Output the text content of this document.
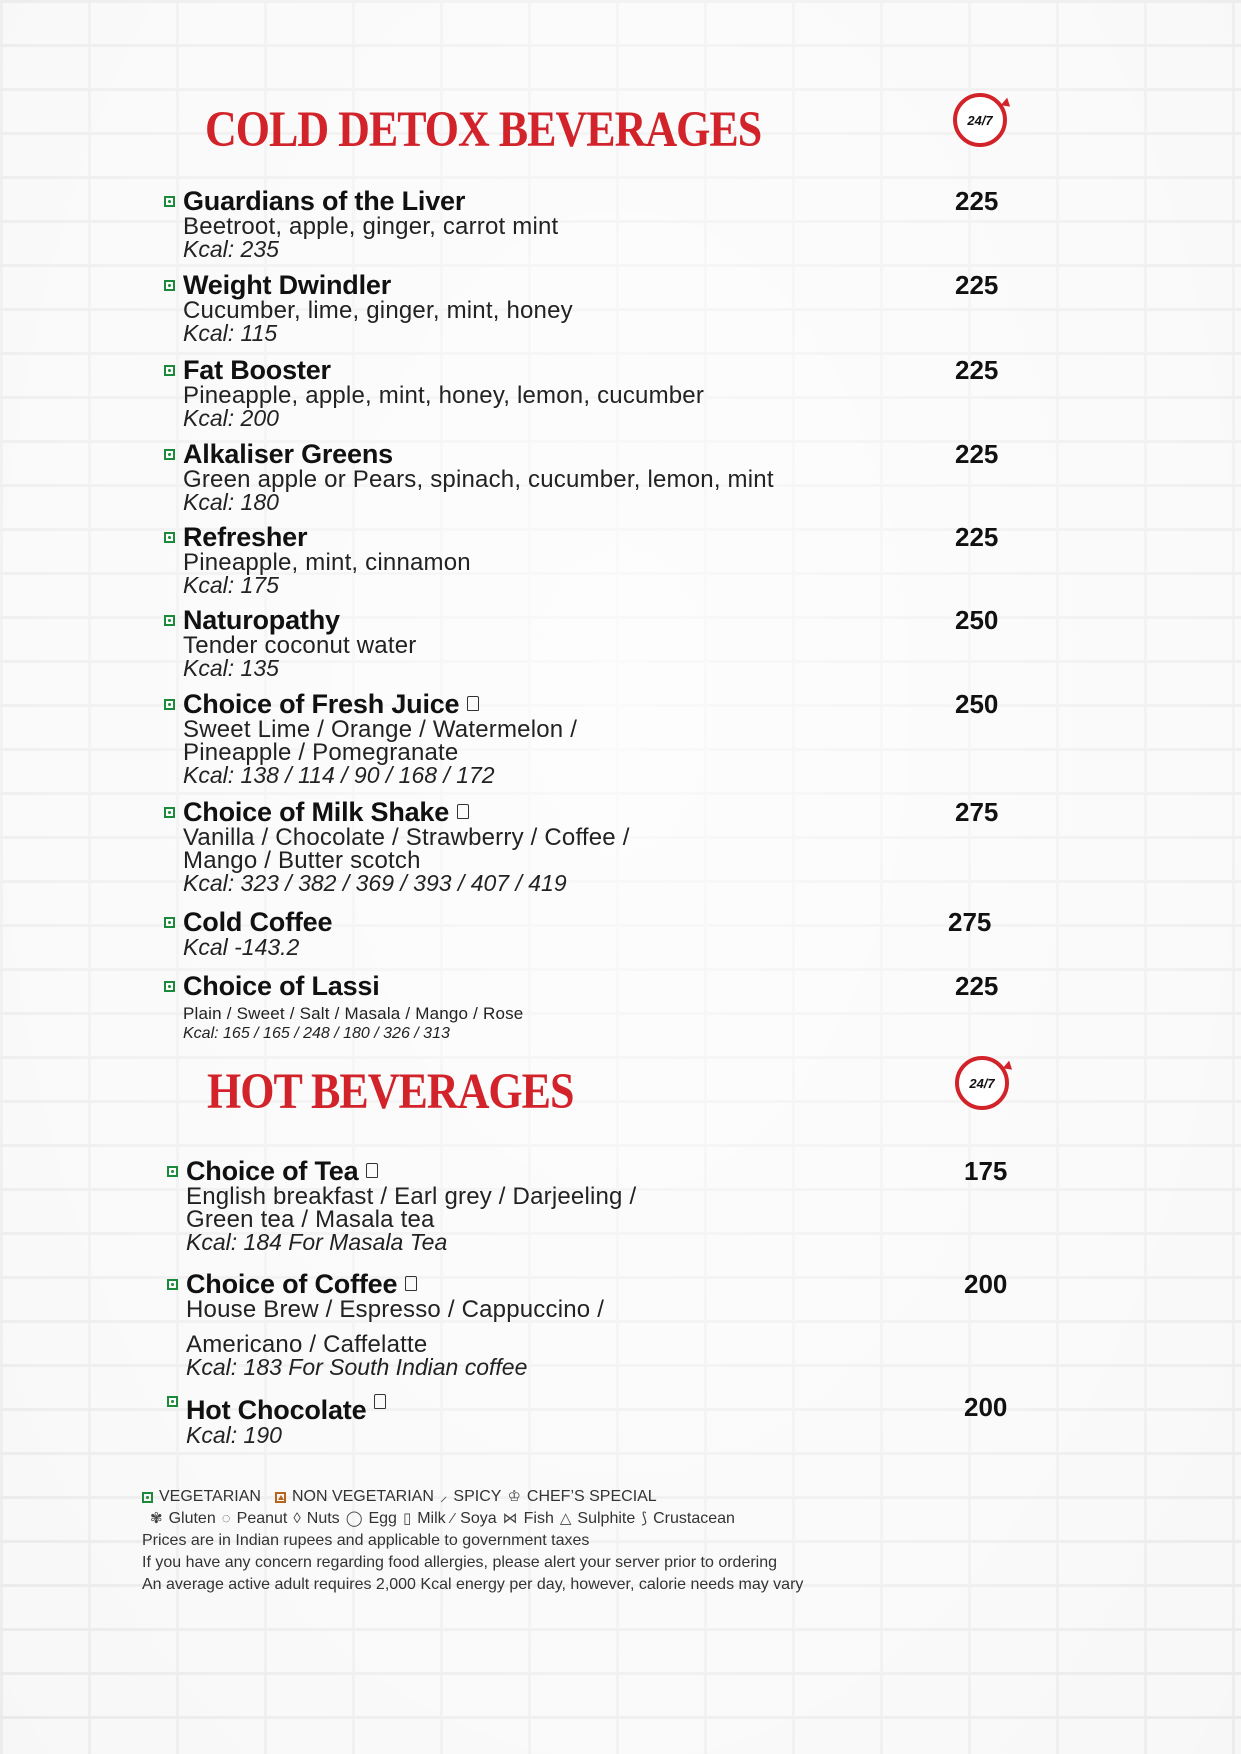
COLD DETOX BEVERAGES	24/7
Guardians of the Liver
Beetroot, apple, ginger, carrot mint
Kcal: 235
225
Weight Dwindler
Cucumber, lime, ginger, mint, honey
Kcal: 115
225
Fat Booster
Pineapple, apple, mint, honey, lemon, cucumber
Kcal: 200
225
Alkaliser Greens
Green apple or Pears, spinach, cucumber, lemon, mint
Kcal: 180
225
Refresher
Pineapple, mint, cinnamon
Kcal: 175
225
Naturopathy
Tender coconut water
Kcal: 135
250
Choice of Fresh Juice
Sweet Lime / Orange / Watermelon /
Pineapple / Pomegranate
Kcal: 138 / 114 / 90 / 168 / 172
250
Choice of Milk Shake
Vanilla / Chocolate / Strawberry / Coffee /
Mango / Butter scotch
Kcal: 323 / 382 / 369 / 393 / 407 / 419
275
Cold Coffee
Kcal -143.2
275
Choice of Lassi
Plain / Sweet / Salt / Masala / Mango / Rose
Kcal: 165 / 165 / 248 / 180 / 326 / 313
225
HOT BEVERAGES	24/7
Choice of Tea
English breakfast / Earl grey / Darjeeling /
Green tea / Masala tea
Kcal: 184 For Masala Tea
175
Choice of Coffee
House Brew / Espresso / Cappuccino /
Americano / Caffelatte
Kcal: 183 For South Indian coffee
200
Hot Chocolate
Kcal: 190
200
VEGETARIAN NON VEGETARIAN ⸝ SPICY ♔ CHEF’S SPECIAL
✾ Gluten ◌ Peanut ◊ Nuts ◯ Egg ▯ Milk ⁄ Soya ⋈ Fish △ Sulphite ⟆ Crustacean
Prices are in Indian rupees and applicable to government taxes
If you have any concern regarding food allergies, please alert your server prior to ordering
An average active adult requires 2,000 Kcal energy per day, however, calorie needs may vary
